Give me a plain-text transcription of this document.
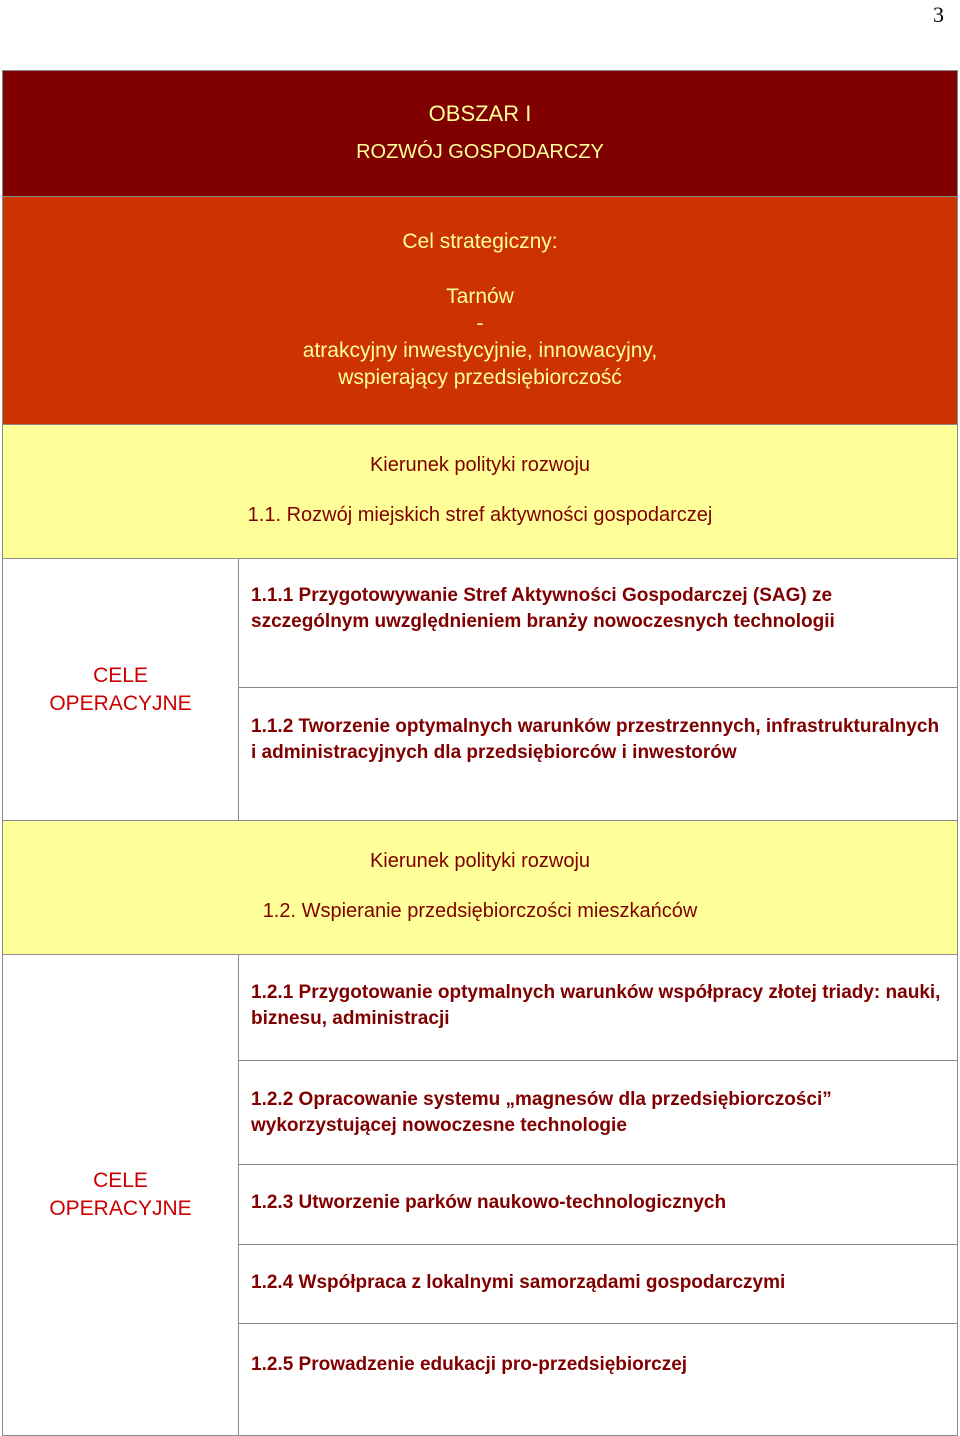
3
OBSZAR I
ROZWÓJ GOSPODARCZY
Cel strategiczny:
Tarnów
-
atrakcyjny inwestycyjnie, innowacyjny,
wspierający przedsiębiorczość
Kierunek polityki rozwoju
1.1. Rozwój miejskich stref aktywności gospodarczej
CELE
OPERACYJNE
1.1.1 Przygotowywanie Stref Aktywności Gospodarczej (SAG) ze szczególnym uwzględnieniem branży nowoczesnych technologii
1.1.2 Tworzenie optymalnych warunków przestrzennych, infrastrukturalnych i administracyjnych dla przedsiębiorców i inwestorów
Kierunek polityki rozwoju
1.2. Wspieranie przedsiębiorczości mieszkańców
CELE
OPERACYJNE
1.2.1 Przygotowanie optymalnych warunków współpracy złotej triady: nauki, biznesu, administracji
1.2.2 Opracowanie systemu „magnesów dla przedsiębiorczości” wykorzystującej nowoczesne technologie
1.2.3 Utworzenie parków naukowo-technologicznych
1.2.4 Współpraca z lokalnymi samorządami gospodarczymi
1.2.5 Prowadzenie edukacji pro-przedsiębiorczej
